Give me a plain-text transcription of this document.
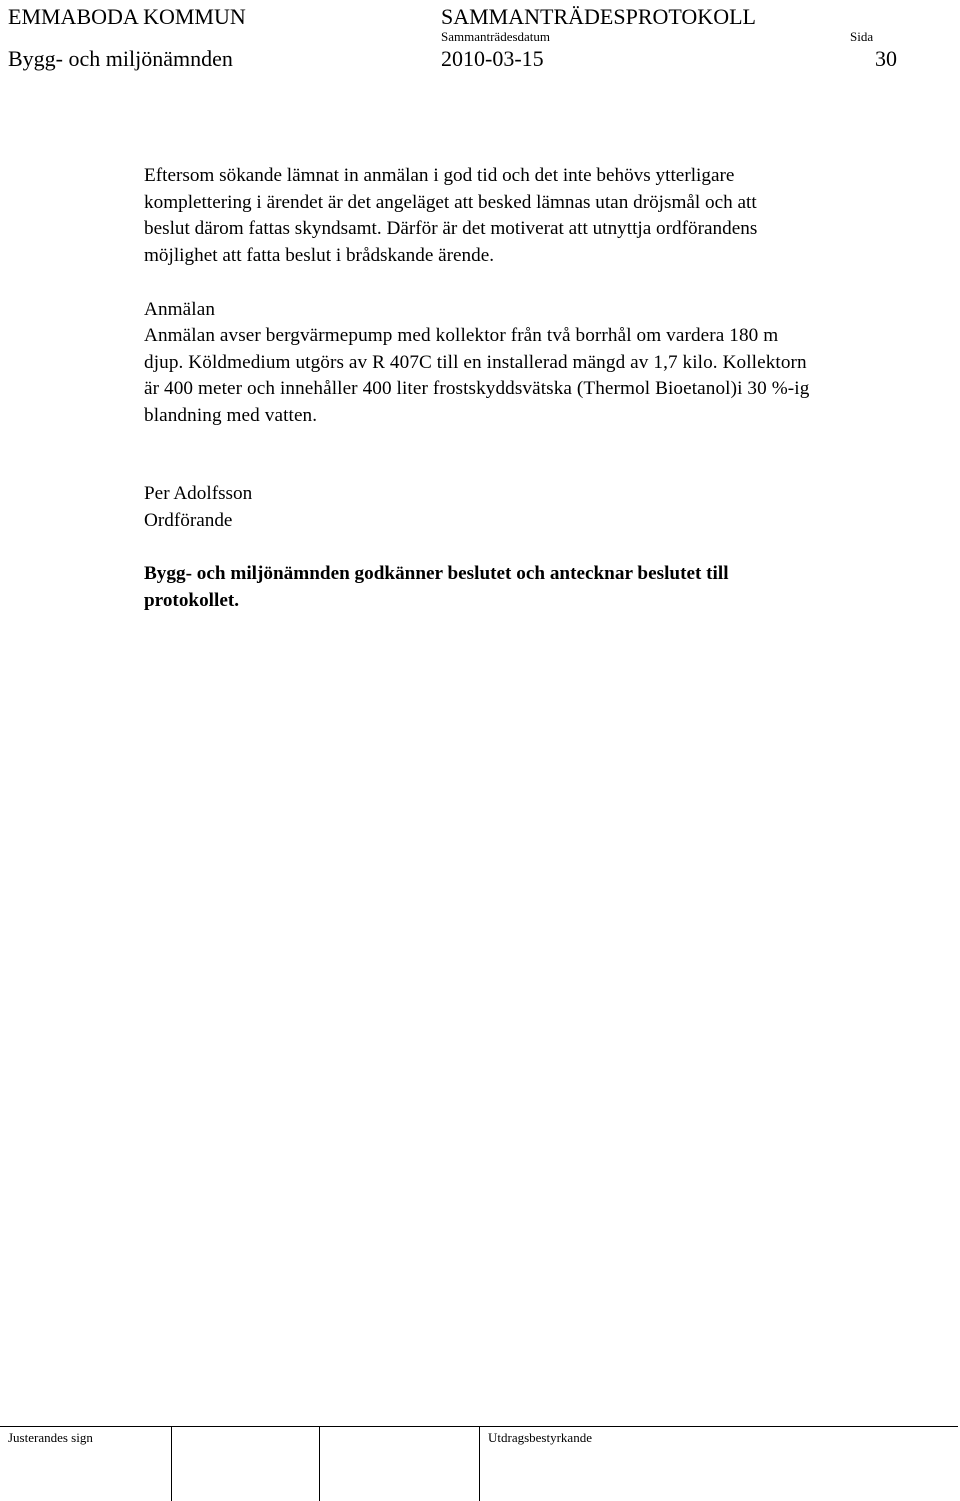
EMMABODA KOMMUN	SAMMANTRÄDESPROTOKOLL
Sammanträdesdatum	Sida
Bygg- och miljönämnden	2010-03-15	30
Eftersom sökande lämnat in anmälan i god tid och det inte behövs ytterligare
komplettering i ärendet är det angeläget att besked lämnas utan dröjsmål och att
beslut därom fattas skyndsamt. Därför är det motiverat att utnyttja ordförandens
möjlighet att fatta beslut i brådskande ärende.
Anmälan
Anmälan avser bergvärmepump med kollektor från två borrhål om vardera 180 m
djup. Köldmedium utgörs av R 407C till en installerad mängd av 1,7 kilo. Kollektorn
är 400 meter och innehåller 400 liter frostskyddsvätska (Thermol Bioetanol)i 30 %-ig
blandning med vatten.
Per Adolfsson
Ordförande
Bygg- och miljönämnden godkänner beslutet och antecknar beslutet till
protokollet.
Justerandes sign	Utdragsbestyrkande
